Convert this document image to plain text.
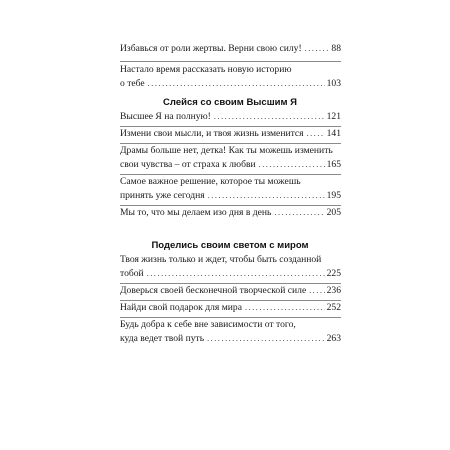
Избавься от роли жертвы. Верни свою силу! .....	88
Настало время рассказать новую историю
о тебе .....	103
Слейся со своим Высшим Я
Высшее Я на полную! .....	121
Измени свои мысли, и твоя жизнь изменится ..... 141
Драмы больше нет, детка! Как ты можешь изменить
свои чувства – от страха к любви .....	165
Самое важное решение, которое ты можешь
принять уже сегодня .....	195
Мы то, что мы делаем изо дня в день .....	205
Поделись своим светом с миром
Твоя жизнь только и ждет, чтобы быть созданной
тобой .....	225
Доверься своей бесконечной творческой силе ..... 236
Найди свой подарок для мира .....	252
Будь добра к себе вне зависимости от того,
куда ведет твой путь .....	263
